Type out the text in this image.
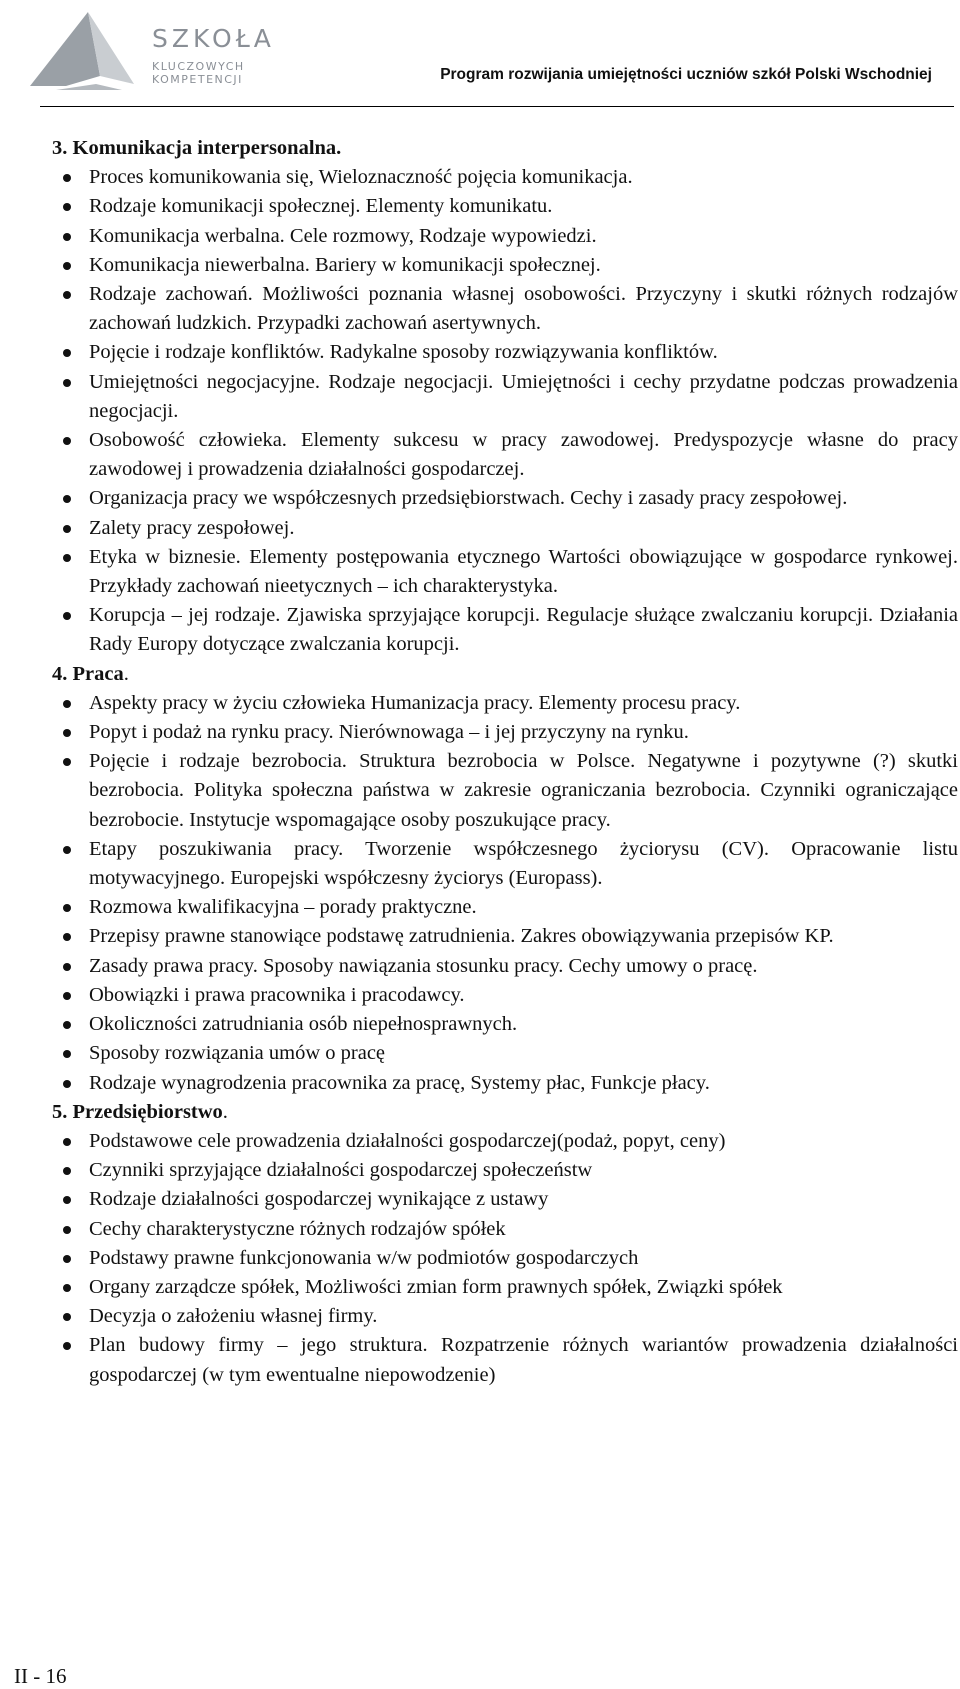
SZKOŁA
KLUCZOWYCH KOMPETENCJI	Program rozwijania umiejętności uczniów szkół Polski Wschodniej

3. Komunikacja interpersonalna.

Proces komunikowania się, Wieloznaczność pojęcia komunikacja.
Rodzaje komunikacji społecznej. Elementy komunikatu.
Komunikacja werbalna. Cele rozmowy, Rodzaje wypowiedzi.
Komunikacja niewerbalna. Bariery w komunikacji społecznej.
Rodzaje zachowań. Możliwości poznania własnej osobowości. Przyczyny i skutki różnych rodzajów zachowań ludzkich. Przypadki zachowań asertywnych.
Pojęcie i rodzaje konfliktów. Radykalne sposoby rozwiązywania konfliktów.
Umiejętności negocjacyjne. Rodzaje negocjacji. Umiejętności i cechy przydatne podczas prowadzenia negocjacji.
Osobowość człowieka. Elementy sukcesu w pracy zawodowej. Predyspozycje własne do pracy zawodowej i prowadzenia działalności gospodarczej.
Organizacja pracy we współczesnych przedsiębiorstwach. Cechy i zasady pracy zespołowej.
Zalety pracy zespołowej.
Etyka w biznesie. Elementy postępowania etycznego Wartości obowiązujące w gospodarce rynkowej. Przykłady zachowań nieetycznych – ich charakterystyka.
Korupcja – jej rodzaje. Zjawiska sprzyjające korupcji. Regulacje służące zwalczaniu korupcji. Działania Rady Europy dotyczące zwalczania korupcji.

4. Praca.

Aspekty pracy w życiu człowieka Humanizacja pracy. Elementy procesu pracy.
Popyt i podaż na rynku pracy. Nierównowaga – i jej przyczyny na rynku.
Pojęcie i rodzaje bezrobocia. Struktura bezrobocia w Polsce. Negatywne i pozytywne (?) skutki bezrobocia. Polityka społeczna państwa w zakresie ograniczania bezrobocia. Czynniki ograniczające bezrobocie. Instytucje wspomagające osoby poszukujące pracy.
Etapy poszukiwania pracy. Tworzenie współczesnego życiorysu (CV). Opracowanie listu motywacyjnego. Europejski współczesny życiorys (Europass).
Rozmowa kwalifikacyjna – porady praktyczne.
Przepisy prawne stanowiące podstawę zatrudnienia. Zakres obowiązywania przepisów KP.
Zasady prawa pracy. Sposoby nawiązania stosunku pracy. Cechy umowy o pracę.
Obowiązki i prawa pracownika i pracodawcy.
Okoliczności zatrudniania osób niepełnosprawnych.
Sposoby rozwiązania umów o pracę
Rodzaje wynagrodzenia pracownika za pracę, Systemy płac, Funkcje płacy.

5. Przedsiębiorstwo.

Podstawowe cele prowadzenia działalności gospodarczej(podaż, popyt, ceny)
Czynniki sprzyjające działalności gospodarczej społeczeństw
Rodzaje działalności gospodarczej wynikające z ustawy
Cechy charakterystyczne różnych rodzajów spółek
Podstawy prawne funkcjonowania w/w podmiotów gospodarczych
Organy zarządcze spółek, Możliwości zmian form prawnych spółek, Związki spółek
Decyzja o założeniu własnej firmy.
Plan budowy firmy – jego struktura. Rozpatrzenie różnych wariantów prowadzenia działalności gospodarczej (w tym ewentualne niepowodzenie)
II - 16
